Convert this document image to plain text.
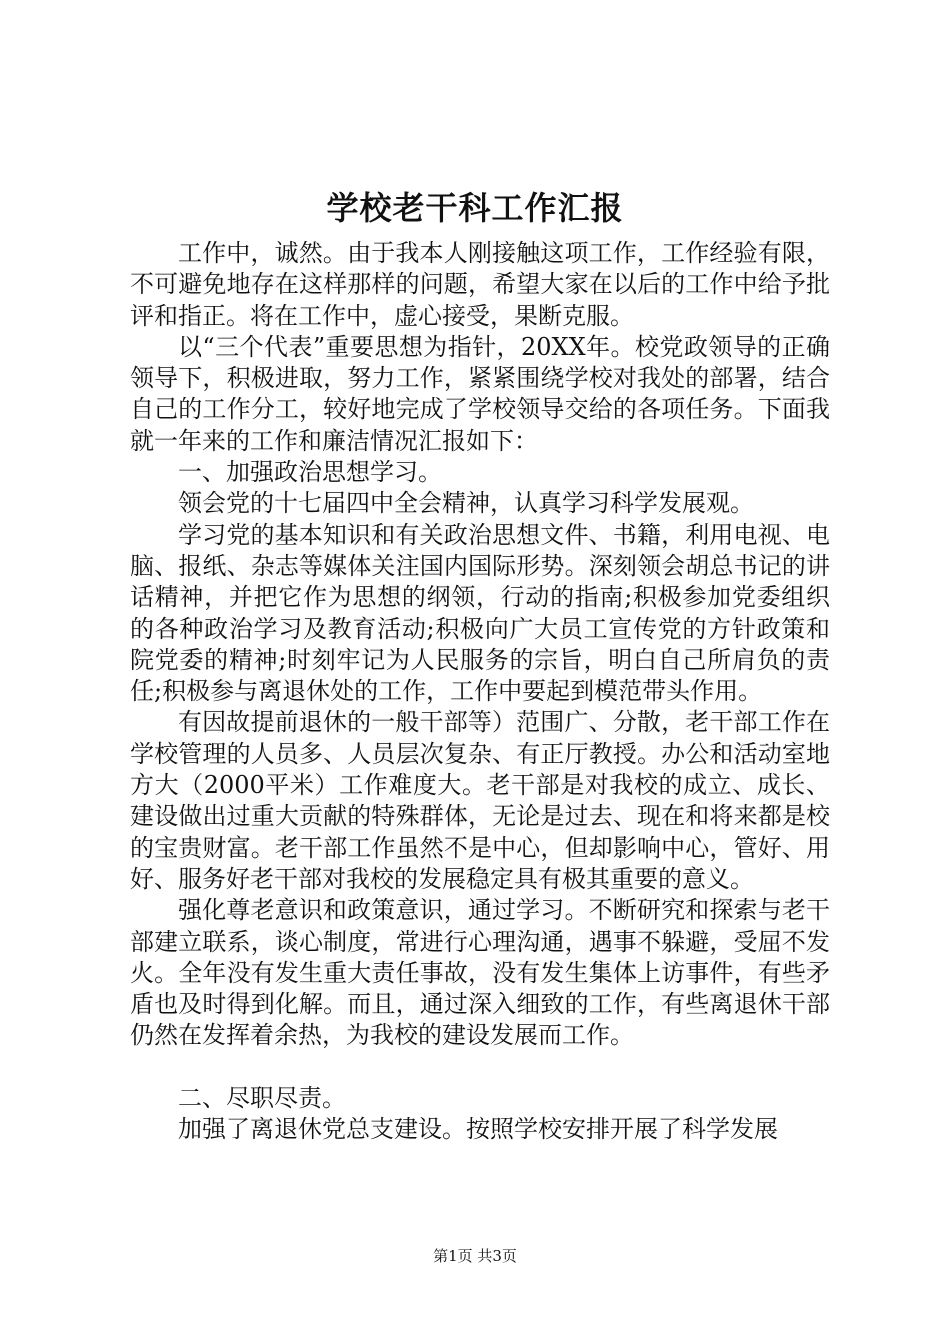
学校老干科工作汇报

工作中，诚然。由于我本人刚接触这项工作，工作经验有限，不可避免地存在这样那样的问题，希望大家在以后的工作中给予批评和指正。将在工作中，虚心接受，果断克服。

以“三个代表”重要思想为指针，20XX年。校党政领导的正确领导下，积极进取，努力工作，紧紧围绕学校对我处的部署，结合自己的工作分工，较好地完成了学校领导交给的各项任务。下面我就一年来的工作和廉洁情况汇报如下：

一、加强政治思想学习。

领会党的十七届四中全会精神，认真学习科学发展观。

学习党的基本知识和有关政治思想文件、书籍，利用电视、电脑、报纸、杂志等媒体关注国内国际形势。深刻领会胡总书记的讲话精神，并把它作为思想的纲领，行动的指南;积极参加党委组织的各种政治学习及教育活动;积极向广大员工宣传党的方针政策和院党委的精神;时刻牢记为人民服务的宗旨，明白自己所肩负的责任;积极参与离退休处的工作，工作中要起到模范带头作用。

有因故提前退休的一般干部等）范围广、分散，老干部工作在学校管理的人员多、人员层次复杂、有正厅教授。办公和活动室地方大（2000平米）工作难度大。老干部是对我校的成立、成长、建设做出过重大贡献的特殊群体，无论是过去、现在和将来都是校的宝贵财富。老干部工作虽然不是中心，但却影响中心，管好、用好、服务好老干部对我校的发展稳定具有极其重要的意义。

强化尊老意识和政策意识，通过学习。不断研究和探索与老干部建立联系，谈心制度，常进行心理沟通，遇事不躲避，受屈不发火。全年没有发生重大责任事故，没有发生集体上访事件，有些矛盾也及时得到化解。而且，通过深入细致的工作，有些离退休干部仍然在发挥着余热，为我校的建设发展而工作。

二、尽职尽责。

加强了离退休党总支建设。按照学校安排开展了科学发展

第1页 共3页
